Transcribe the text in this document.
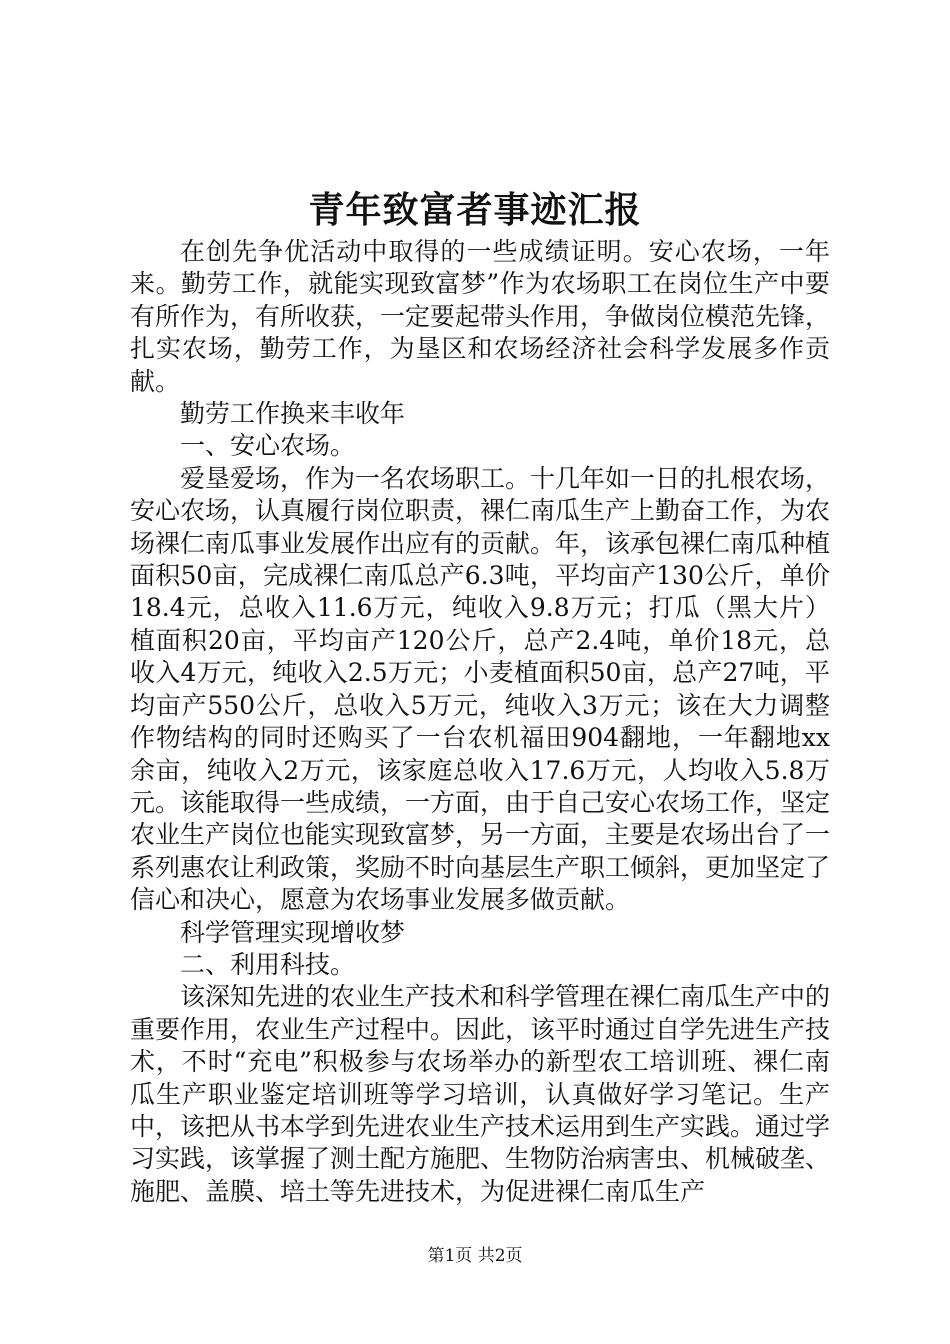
青年致富者事迹汇报

在创先争优活动中取得的一些成绩证明。安心农场，一年来。勤劳工作，就能实现致富梦”作为农场职工在岗位生产中要有所作为，有所收获，一定要起带头作用，争做岗位模范先锋，扎实农场，勤劳工作，为垦区和农场经济社会科学发展多作贡献。

勤劳工作换来丰收年

一、安心农场。

爱垦爱场，作为一名农场职工。十几年如一日的扎根农场，安心农场，认真履行岗位职责，裸仁南瓜生产上勤奋工作，为农场裸仁南瓜事业发展作出应有的贡献。年，该承包裸仁南瓜种植面积50亩，完成裸仁南瓜总产6.3吨，平均亩产130公斤，单价18.4元，总收入11.6万元，纯收入9.8万元；打瓜（黑大片）植面积20亩，平均亩产120公斤，总产2.4吨，单价18元，总收入4万元，纯收入2.5万元；小麦植面积50亩，总产27吨，平均亩产550公斤，总收入5万元，纯收入3万元；该在大力调整作物结构的同时还购买了一台农机福田904翻地，一年翻地xx余亩，纯收入2万元，该家庭总收入17.6万元，人均收入5.8万元。该能取得一些成绩，一方面，由于自己安心农场工作，坚定农业生产岗位也能实现致富梦，另一方面，主要是农场出台了一系列惠农让利政策，奖励不时向基层生产职工倾斜，更加坚定了信心和决心，愿意为农场事业发展多做贡献。

科学管理实现增收梦

二、利用科技。

该深知先进的农业生产技术和科学管理在裸仁南瓜生产中的重要作用，农业生产过程中。因此，该平时通过自学先进生产技术，不时“充电”积极参与农场举办的新型农工培训班、裸仁南瓜生产职业鉴定培训班等学习培训，认真做好学习笔记。生产中，该把从书本学到先进农业生产技术运用到生产实践。通过学习实践，该掌握了测土配方施肥、生物防治病害虫、机械破垄、施肥、盖膜、培土等先进技术，为促进裸仁南瓜生产

第1页 共2页
